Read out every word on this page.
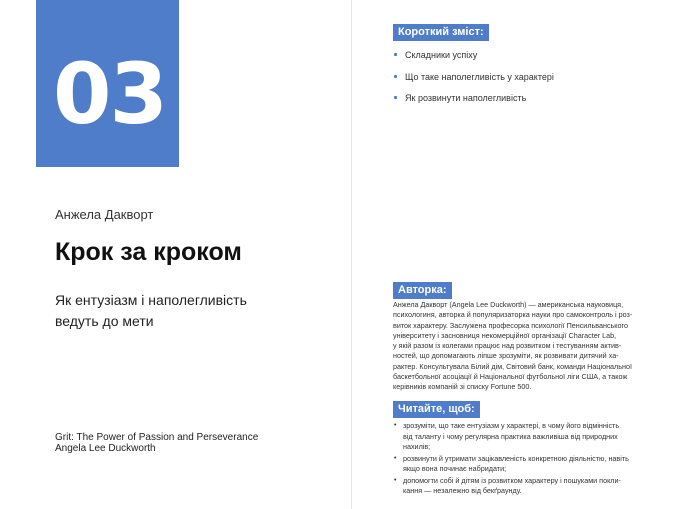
03
Анжела Дакворт
Крок за кроком
Як ентузіазм і наполегливість
ведуть до мети
Grit: The Power of Passion and Perseverance
Angela Lee Duckworth
Короткий зміст:
Складники успіху
Що таке наполегливість у характері
Як розвинути наполегливість
Авторка:
Анжела Дакворт (Angela Lee Duckworth) — американська науковиця,
психологиня, авторка й популяризаторка науки про самоконтроль і роз-
виток характеру. Заслужена професорка психології Пенсильванського
університету і засновниця некомерційної організації Character Lab,
у якій разом із колегами працює над розвитком і тестуванням актив-
ностей, що допомагають ліпше зрозуміти, як розвивати дитячий ха-
рактер. Консультувала Білий дім, Світовий банк, команди Національної
баскетбольної асоціації й Національної футбольної ліги США, а також
керівників компаній зі списку Fortune 500.
Читайте, щоб:
• зрозуміти, що таке ентузіазм у характері, в чому його відмінність
від таланту і чому регулярна практика важливіша від природних
нахилів;
• розвинути й утримати зацікавленість конкретною діяльністю, навіть
якщо вона починає набридати;
• допомогти собі й дітям із розвитком характеру і пошуками покли-
кання — незалежно від бекґраунду.
